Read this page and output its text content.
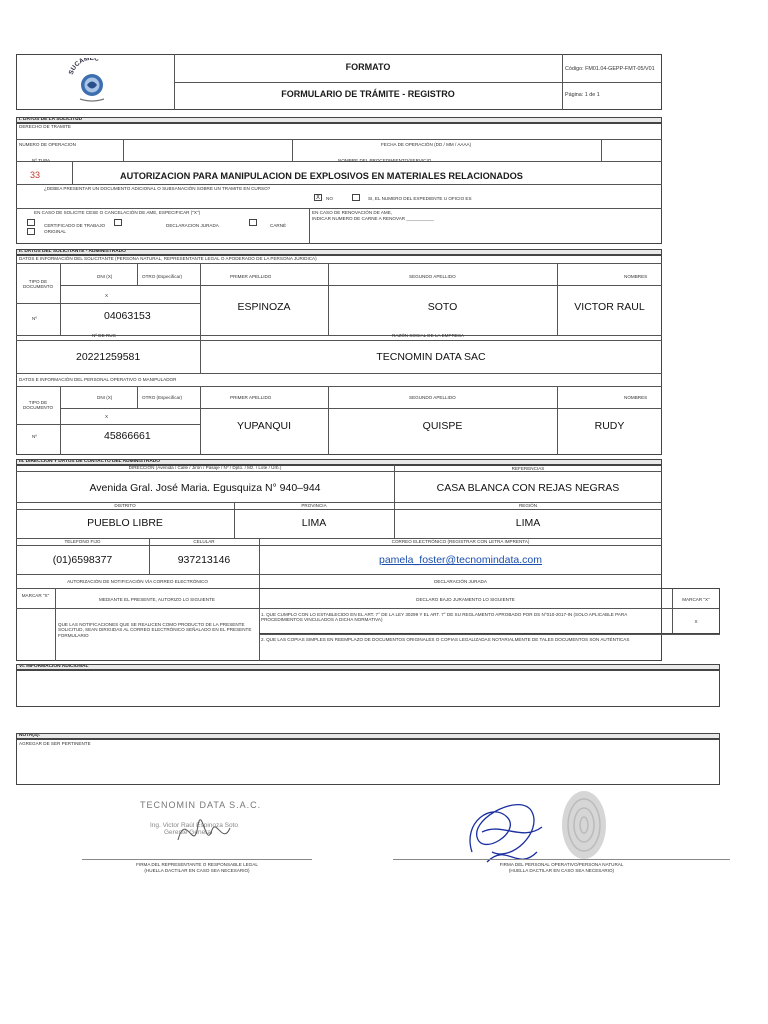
SUCAMEC
FORMATO
FORMULARIO DE TRÁMITE - REGISTRO
Código: FM01.04-GEPP-FMT-05/V01
Página: 1 de 1
I. DATOS DE LA SOLICITUD
DERECHO DE TRAMITE
NUMERO DE OPERACION	FECHA DE OPERACIÓN (DD / MM / AAAA)
Nº TUPA	NOMBRE DEL PROCEDIMIENTO/SERVICIO
33	AUTORIZACION PARA MANIPULACION DE EXPLOSIVOS EN MATERIALES RELACIONADOS
¿DEBEA PRESENTAR UN DOCUMENTO ADICIONAL O SUBSANACIÓN SOBRE UN TRAMITE EN CURSO?
X	NO	SI, EL NUMERO DEL EXPEDIENTE U OFICIO ES
EN CASO DE SOLICITE CESE O CANCELACIÓN DE AME, ESPECIFICAR ("X")	EN CASO DE RENOVACIÓN DE AME,
INDICAR NUMERO DE CARNE A RENOVAR ___________
CERTIFICADO DE TRABAJO
ORIGINAL
DECLARACION JURADA	CARNÉ
II. DATOS DEL SOLICITANTE - ADMINISTRADO
DATOS E INFORMACIÓN DEL SOLICITANTE (PERSONA NATURAL, REPRESENTANTE LEGAL O APODERADO DE LA PERSONA JURIDICA)
TIPO DE DOCUMENTO
DNI (X)	OTRO (Especificar)	PRIMER APELLIDO	SEGUNDO APELLIDO	NOMBRES
X
Nº	04063153
ESPINOZA	SOTO	VICTOR RAUL
Nº DE RUC	RAZÓN SOCIAL DE LA EMPRESA
20221259581	TECNOMIN DATA SAC
DATOS E INFORMACIÓN DEL PERSONAL OPERATIVO O MANIPULADOR
TIPO DE DOCUMENTO
DNI (X)	OTRO (Especificar)	PRIMER APELLIDO	SEGUNDO APELLIDO	NOMBRES
X
Nº	45866661
YUPANQUI	QUISPE	RUDY
III. DIRECCIÓN Y DATOS DE CONTACTO DEL ADMINISTRADO
DIRECCIÓN (Avenida / Calle / Jirón / Pasaje / Nº / Dpto. / Mz. / Lote / Urb.)	REFERENCIAS
Avenida Gral. José Maria. Egusquiza N° 940–944	CASA BLANCA CON REJAS NEGRAS
DISTRITO	PROVINCIA	REGIÓN
PUEBLO LIBRE	LIMA	LIMA
TELEFONO FIJO	CELULAR	CORREO ELECTRÓNICO (REGISTRAR CON LETRA IMPRENTA)
(01)6598377	937213146	pamela_foster@tecnomindata.com
AUTORIZACIÓN DE NOTIFICACIÓN VÍA CORREO ELECTRÓNICO	DECLARACIÓN JURADA
MARCAR "X"
MEDIANTE EL PRESENTE, AUTORIZO LO SIGUIENTE	DECLARO BAJO JURAMENTO LO SIGUIENTE	MARCAR "X"
QUE LAS NOTIFICACIONES QUE SE REALICEN COMO PRODUCTO DE LA PRESENTE SOLICITUD, SEAN DIRIGIDAS AL CORREO ELECTRÓNICO SEÑALADO EN EL PRESENTE FORMULARIO
1. QUE CUMPLO CON LO ESTABLECIDO EN EL ART. 7° DE LA LEY 30299 Y EL ART. 7° DE SU REGLAMENTO APROBADO POR DS N°010-2017-IN (SOLO APLICABLE PARA PROCEDIMIENTOS VINCULADOS A DICHA NORMATIVA)	X
2. QUE LAS COPIAS SIMPLES EN REEMPLAZO DE DOCUMENTOS ORIGINALES O COPIAS LEGALIZADAS NOTARIALMENTE DE TALES DOCUMENTOS SON AUTÉNTICAS
VI. INFORMACIÓN ADICIONAL
NOTA(S):
AGREGAR DE SER PERTINENTE
TECNOMIN DATA S.A.C.
Ing. Victor Raúl Espinoza Soto
Gerente General
FIRMA DEL REPRESENTANTE O RESPONSABLE LEGAL
(HUELLA DACTILAR EN CASO SEA NECESARIO)
FIRMA DEL PERSONAL OPERATIVO/PERSONA NATURAL
(HUELLA DACTILAR EN CASO SEA NECESARIO)
